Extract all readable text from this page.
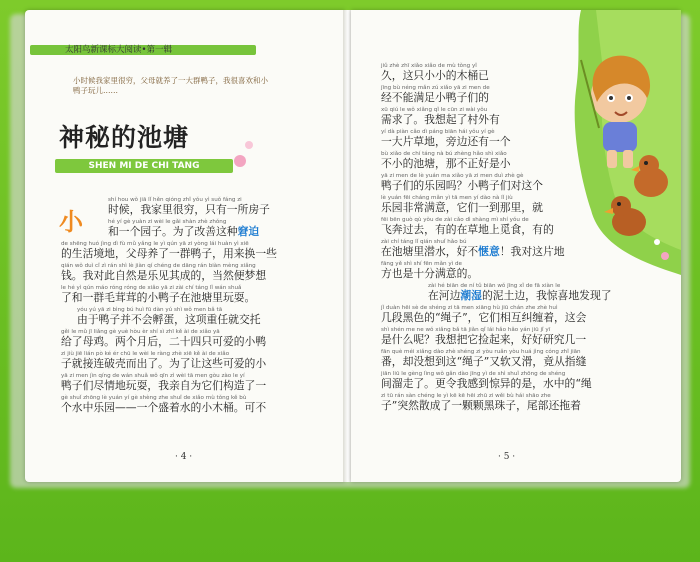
太阳鸟新课标大阅读•第一辑 ●●●●●
小时候我家里很穷，父母就养了一大群鸭子，我很喜欢和小鸭子玩儿……
神秘的池塘
SHEN MI DE CHI TANG
小
shí hou wǒ jiā lǐ hěn qióng zhǐ yǒu yì suǒ fáng zi
时候，我家里很穷，只有一所房子
hé yí gè yuàn zi wèi le gǎi shàn zhè zhǒng
和一个园子。为了改善这种窘迫
de shēng huó jìng dì fù mǔ yǎng le yì qún yā zi yòng lái huàn yì xiē
的生活境地，父母养了一群鸭子，用来换一些
qián wǒ duì cǐ zì rán shì lè jiàn qí chéng de dāng rán biàn mèng xiǎng
钱。我对此自然是乐见其成的，当然便梦想
le hé yì qún máo róng róng de xiǎo yā zi zài chí táng lǐ wán shuǎ
了和一群毛茸茸的小鸭子在池塘里玩耍。
yóu yú yā zi bìng bú huì fū dàn yú shì wǒ men bǎ tā
由于鸭子并不会孵蛋，这项重任就交托
gěi le mǔ jī liǎng gè yuè hòu èr shí sì zhī kě ài de xiǎo yā
给了母鸡。两个月后，二十四只可爱的小鸭
zi jiù jiē lián pò ké ér chū le wèi le ràng zhè xiē kě ài de xiǎo
子就接连破壳而出了。为了让这些可爱的小
yā zi men jìn qíng de wán shuǎ wǒ qīn zì wèi tā men gòu zào le yí
鸭子们尽情地玩耍，我亲自为它们构造了一
gè shuǐ zhōng lè yuán yí gè shèng zhe shuǐ de xiǎo mù tǒng kě bù
个水中乐园——一个盛着水的小木桶。可不
· 4 ·
jiǔ zhè zhī xiǎo xiǎo de mù tǒng yǐ
久，这只小小的木桶已
jīng bù néng mǎn zú xiǎo yā zi men de
经不能满足小鸭子们的
xū qiú le wǒ xiǎng qǐ le cūn zi wài yǒu
需求了。我想起了村外有
yí dà piàn cǎo dì páng biān hái yǒu yí gè
一大片草地，旁边还有一个
bù xiǎo de chí táng nà bú zhèng hǎo shì xiǎo
不小的池塘，那不正好是小
yā zi men de lè yuán ma xiǎo yā zi men duì zhè gè
鸭子们的乐园吗？小鸭子们对这个
lè yuán fēi cháng mǎn yì tā men yí dào nà lǐ jiù
乐园非常满意，它们一到那里，就
fēi bēn guò qù yǒu de zài cǎo dì shàng mì shí yǒu de
飞奔过去，有的在草地上觅食，有的
zài chí táng lǐ qián shuǐ hǎo bú
在池塘里潜水，好不惬意！我对这片地
fāng yě shì shí fēn mǎn yì de
方也是十分满意的。
zài hé biān de ní tǔ biān wǒ jīng xǐ de fā xiàn le
在河边潮湿的泥土边，我惊喜地发现了
jǐ duàn hēi sè de shéng zi tā men xiāng hù jiū chán zhe zhè huì
几段黑色的“绳子”，它们相互纠缠着，这会
shì shén me ne wǒ xiǎng bǎ tā jiǎn qǐ lái hǎo hǎo yán jiū jǐ yī
是什么呢？我想把它捡起来，好好研究几一
fān què méi xiǎng dào zhè shéng zi yòu ruǎn yòu huá jìng cóng zhǐ jiān
番，却没想到这“绳子”又软又滑，竟从指缝
jiān liū le gèng lìng wǒ gǎn dào jīng yì de shì shuǐ zhōng de shéng
间溜走了。更令我感到惊异的是，水中的“绳
zi tū rán sàn chéng le yì kē kē hēi zhū zi wěi bù hái shāo zhe
子”突然散成了一颗颗黑珠子，尾部还拖着
· 5 ·
